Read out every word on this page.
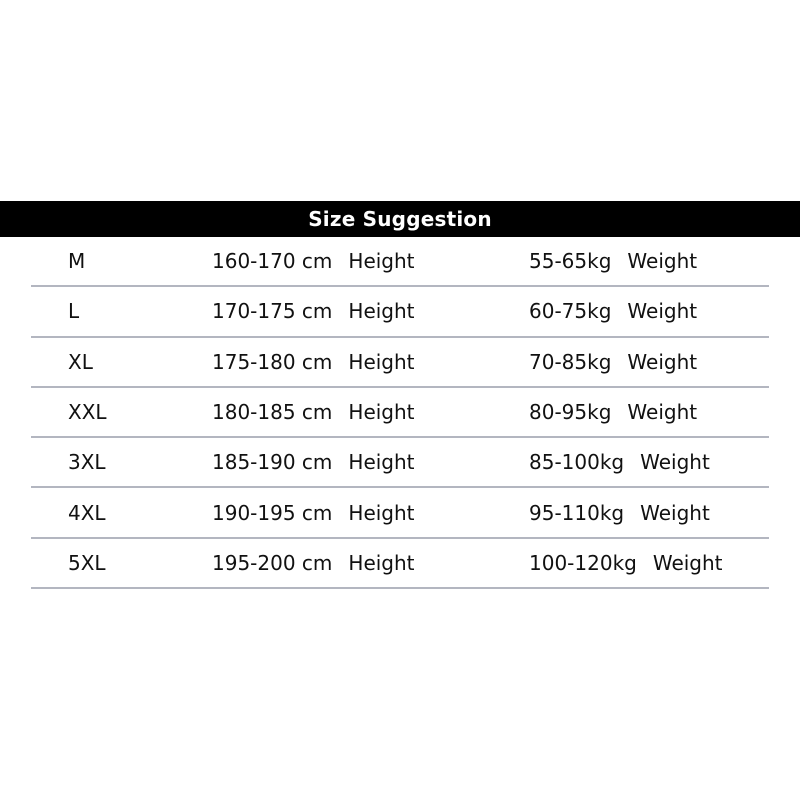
Size Suggestion
M	160-170 cm Height	55-65kg Weight
L	170-175 cm Height	60-75kg Weight
XL	175-180 cm Height	70-85kg Weight
XXL	180-185 cm Height	80-95kg Weight
3XL	185-190 cm Height	85-100kg Weight
4XL	190-195 cm Height	95-110kg Weight
5XL	195-200 cm Height	100-120kg Weight
